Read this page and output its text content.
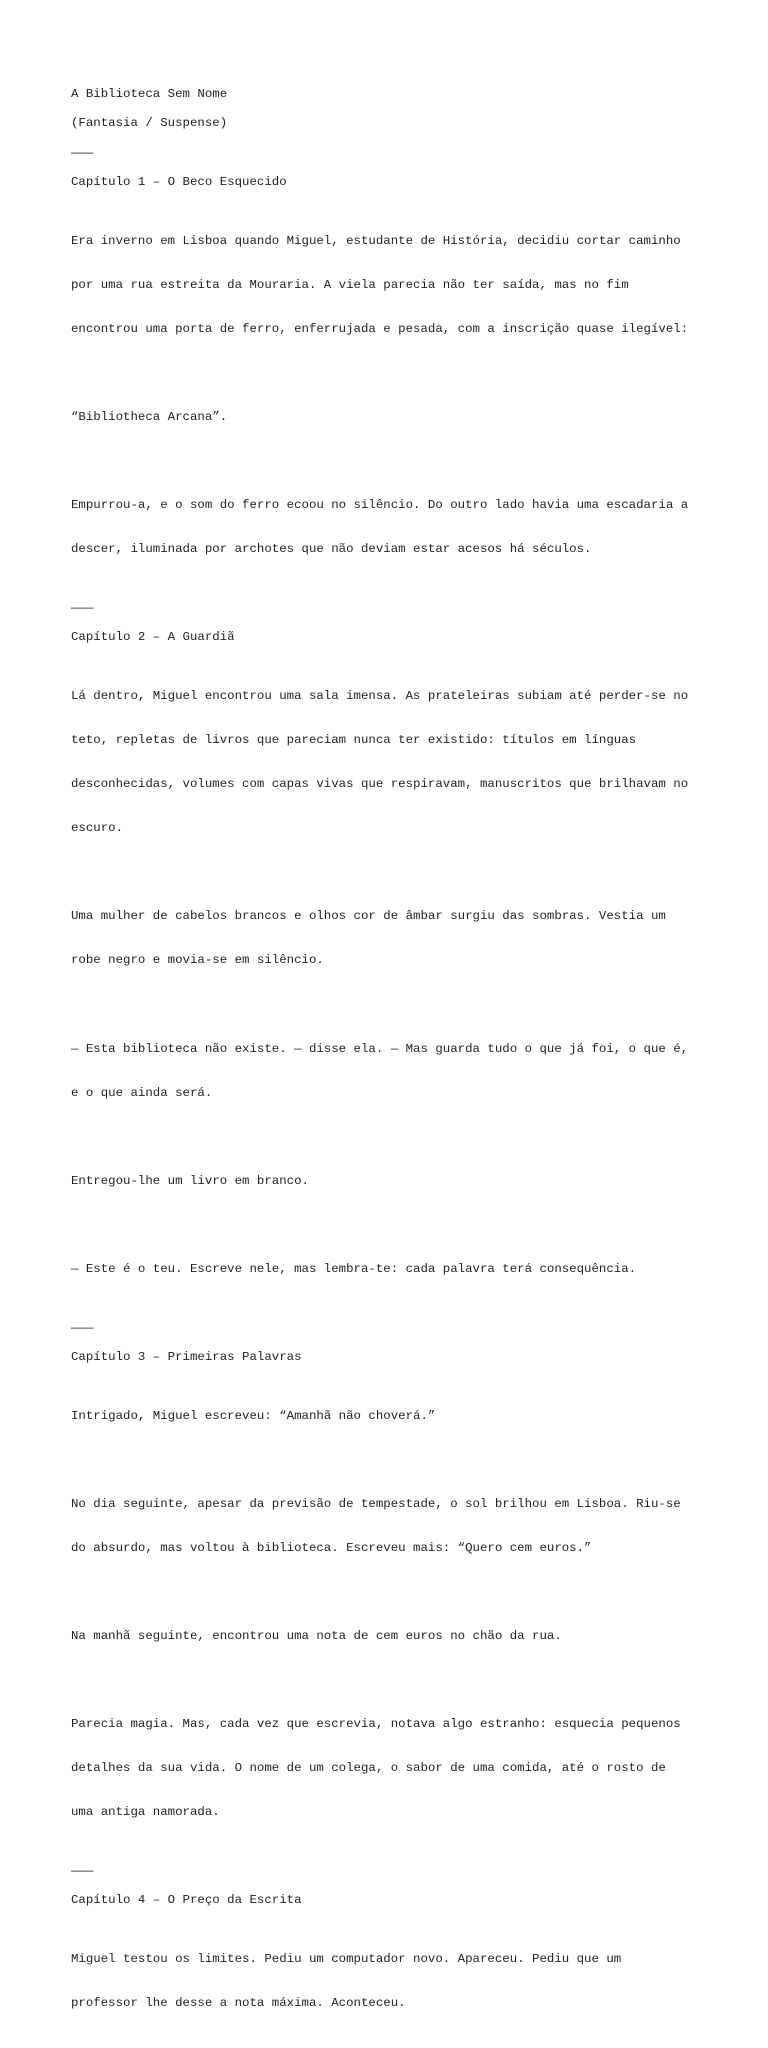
A Biblioteca Sem Nome
(Fantasia / Suspense)
———
Capítulo 1 – O Beco Esquecido

Era inverno em Lisboa quando Miguel, estudante de História, decidiu cortar caminho

por uma rua estreita da Mouraria. A viela parecia não ter saída, mas no fim

encontrou uma porta de ferro, enferrujada e pesada, com a inscrição quase ilegível:

“Bibliotheca Arcana”.

Empurrou-a, e o som do ferro ecoou no silêncio. Do outro lado havia uma escadaria a

descer, iluminada por archotes que não deviam estar acesos há séculos.

———
Capítulo 2 – A Guardiã

Lá dentro, Miguel encontrou uma sala imensa. As prateleiras subiam até perder-se no

teto, repletas de livros que pareciam nunca ter existido: títulos em línguas

desconhecidas, volumes com capas vivas que respiravam, manuscritos que brilhavam no

escuro.

Uma mulher de cabelos brancos e olhos cor de âmbar surgiu das sombras. Vestia um

robe negro e movia-se em silêncio.

— Esta biblioteca não existe. — disse ela. — Mas guarda tudo o que já foi, o que é,

e o que ainda será.

Entregou-lhe um livro em branco.

— Este é o teu. Escreve nele, mas lembra-te: cada palavra terá consequência.

———
Capítulo 3 – Primeiras Palavras

Intrigado, Miguel escreveu: “Amanhã não choverá.”

No dia seguinte, apesar da previsão de tempestade, o sol brilhou em Lisboa. Riu-se

do absurdo, mas voltou à biblioteca. Escreveu mais: “Quero cem euros.”

Na manhã seguinte, encontrou uma nota de cem euros no chão da rua.

Parecia magia. Mas, cada vez que escrevia, notava algo estranho: esquecia pequenos

detalhes da sua vida. O nome de um colega, o sabor de uma comida, até o rosto de

uma antiga namorada.

———
Capítulo 4 – O Preço da Escrita

Miguel testou os limites. Pediu um computador novo. Apareceu. Pediu que um

professor lhe desse a nota máxima. Aconteceu.
